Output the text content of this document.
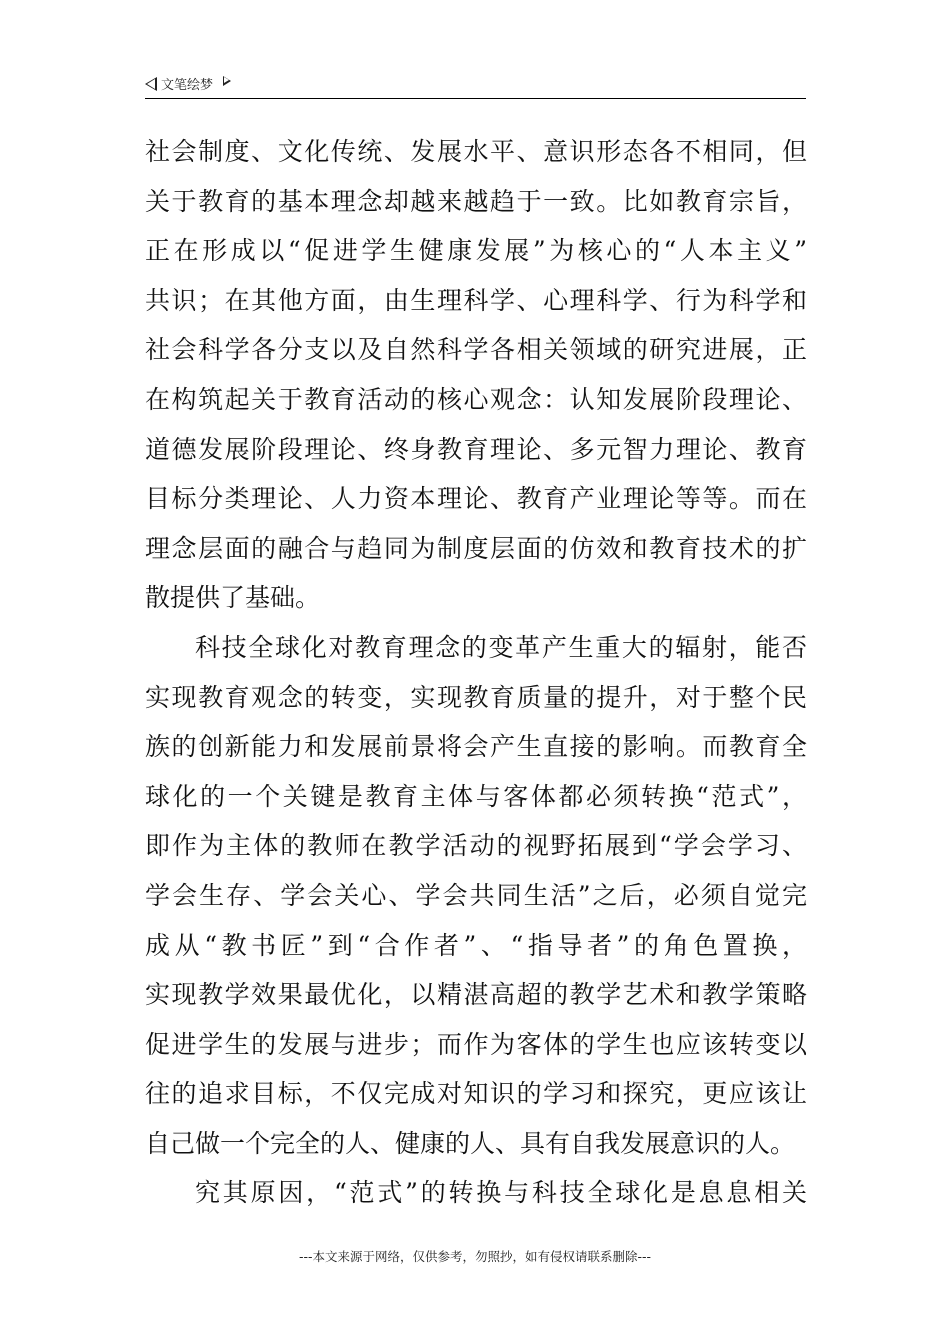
文笔绘梦
社会制度、文化传统、发展水平、意识形态各不相同，但
关于教育的基本理念却越来越趋于一致。比如教育宗旨，
正在形成以“促进学生健康发展”为核心的“人本主义”
共识；在其他方面，由生理科学、心理科学、行为科学和
社会科学各分支以及自然科学各相关领域的研究进展，正
在构筑起关于教育活动的核心观念：认知发展阶段理论、
道德发展阶段理论、终身教育理论、多元智力理论、教育
目标分类理论、人力资本理论、教育产业理论等等。而在
理念层面的融合与趋同为制度层面的仿效和教育技术的扩
散提供了基础。
科技全球化对教育理念的变革产生重大的辐射，能否
实现教育观念的转变，实现教育质量的提升，对于整个民
族的创新能力和发展前景将会产生直接的影响。而教育全
球化的一个关键是教育主体与客体都必须转换“范式”，
即作为主体的教师在教学活动的视野拓展到“学会学习、
学会生存、学会关心、学会共同生活”之后，必须自觉完
成从“教书匠”到“合作者”、“指导者”的角色置换，
实现教学效果最优化，以精湛高超的教学艺术和教学策略
促进学生的发展与进步；而作为客体的学生也应该转变以
往的追求目标，不仅完成对知识的学习和探究，更应该让
自己做一个完全的人、健康的人、具有自我发展意识的人。
究其原因，“范式”的转换与科技全球化是息息相关
---本文来源于网络，仅供参考，勿照抄，如有侵权请联系删除---
